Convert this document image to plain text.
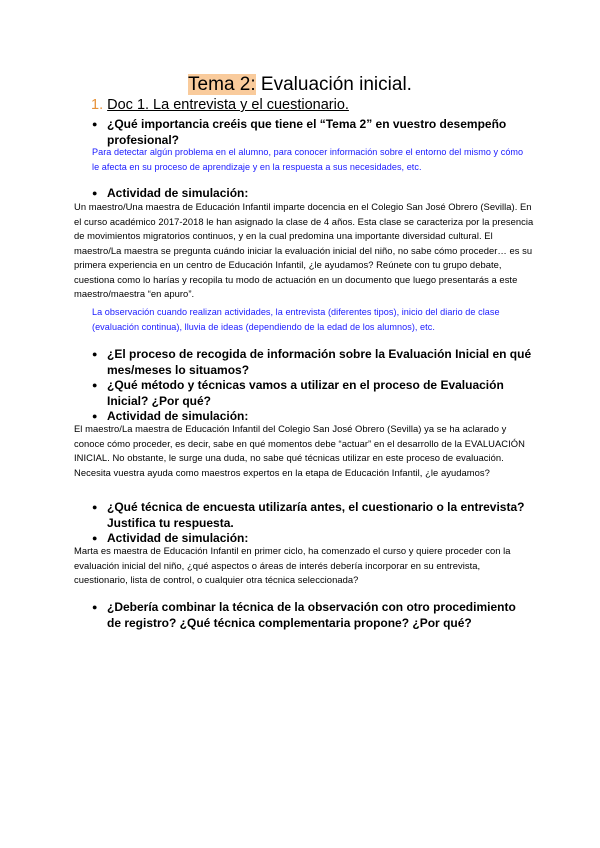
Tema 2: Evaluación inicial.
1. Doc 1. La entrevista y el cuestionario.
● ¿Qué importancia creéis que tiene el “Tema 2” en vuestro desempeño profesional?
Para detectar algún problema en el alumno, para conocer información sobre el entorno del mismo y cómo le afecta en su proceso de aprendizaje y en la respuesta a sus necesidades, etc.
● Actividad de simulación:
Un maestro/Una maestra de Educación Infantil imparte docencia en el Colegio San José Obrero (Sevilla). En el curso académico 2017-2018 le han asignado la clase de 4 años. Esta clase se caracteriza por la presencia de movimientos migratorios continuos, y en la cual predomina una importante diversidad cultural. El maestro/La maestra se pregunta cuándo iniciar la evaluación inicial del niño, no sabe cómo proceder… es su primera experiencia en un centro de Educación Infantil, ¿le ayudamos? Reúnete con tu grupo debate, cuestiona como lo harías y recopila tu modo de actuación en un documento que luego presentarás a este maestro/maestra “en apuro”.
La observación cuando realizan actividades, la entrevista (diferentes tipos), inicio del diario de clase (evaluación continua), lluvia de ideas (dependiendo de la edad de los alumnos), etc.
● ¿El proceso de recogida de información sobre la Evaluación Inicial en qué mes/meses lo situamos?
● ¿Qué método y técnicas vamos a utilizar en el proceso de Evaluación Inicial? ¿Por qué?
● Actividad de simulación:
El maestro/La maestra de Educación Infantil del Colegio San José Obrero (Sevilla) ya se ha aclarado y conoce cómo proceder, es decir, sabe en qué momentos debe “actuar” en el desarrollo de la EVALUACIÓN INICIAL. No obstante, le surge una duda, no sabe qué técnicas utilizar en este proceso de evaluación. Necesita vuestra ayuda como maestros expertos en la etapa de Educación Infantil, ¿le ayudamos?
● ¿Qué técnica de encuesta utilizaría antes, el cuestionario o la entrevista? Justifica tu respuesta.
● Actividad de simulación:
Marta es maestra de Educación Infantil en primer ciclo, ha comenzado el curso y quiere proceder con la evaluación inicial del niño, ¿qué aspectos o áreas de interés debería incorporar en su entrevista, cuestionario, lista de control, o cualquier otra técnica seleccionada?
● ¿Debería combinar la técnica de la observación con otro procedimiento de registro? ¿Qué técnica complementaria propone? ¿Por qué?
